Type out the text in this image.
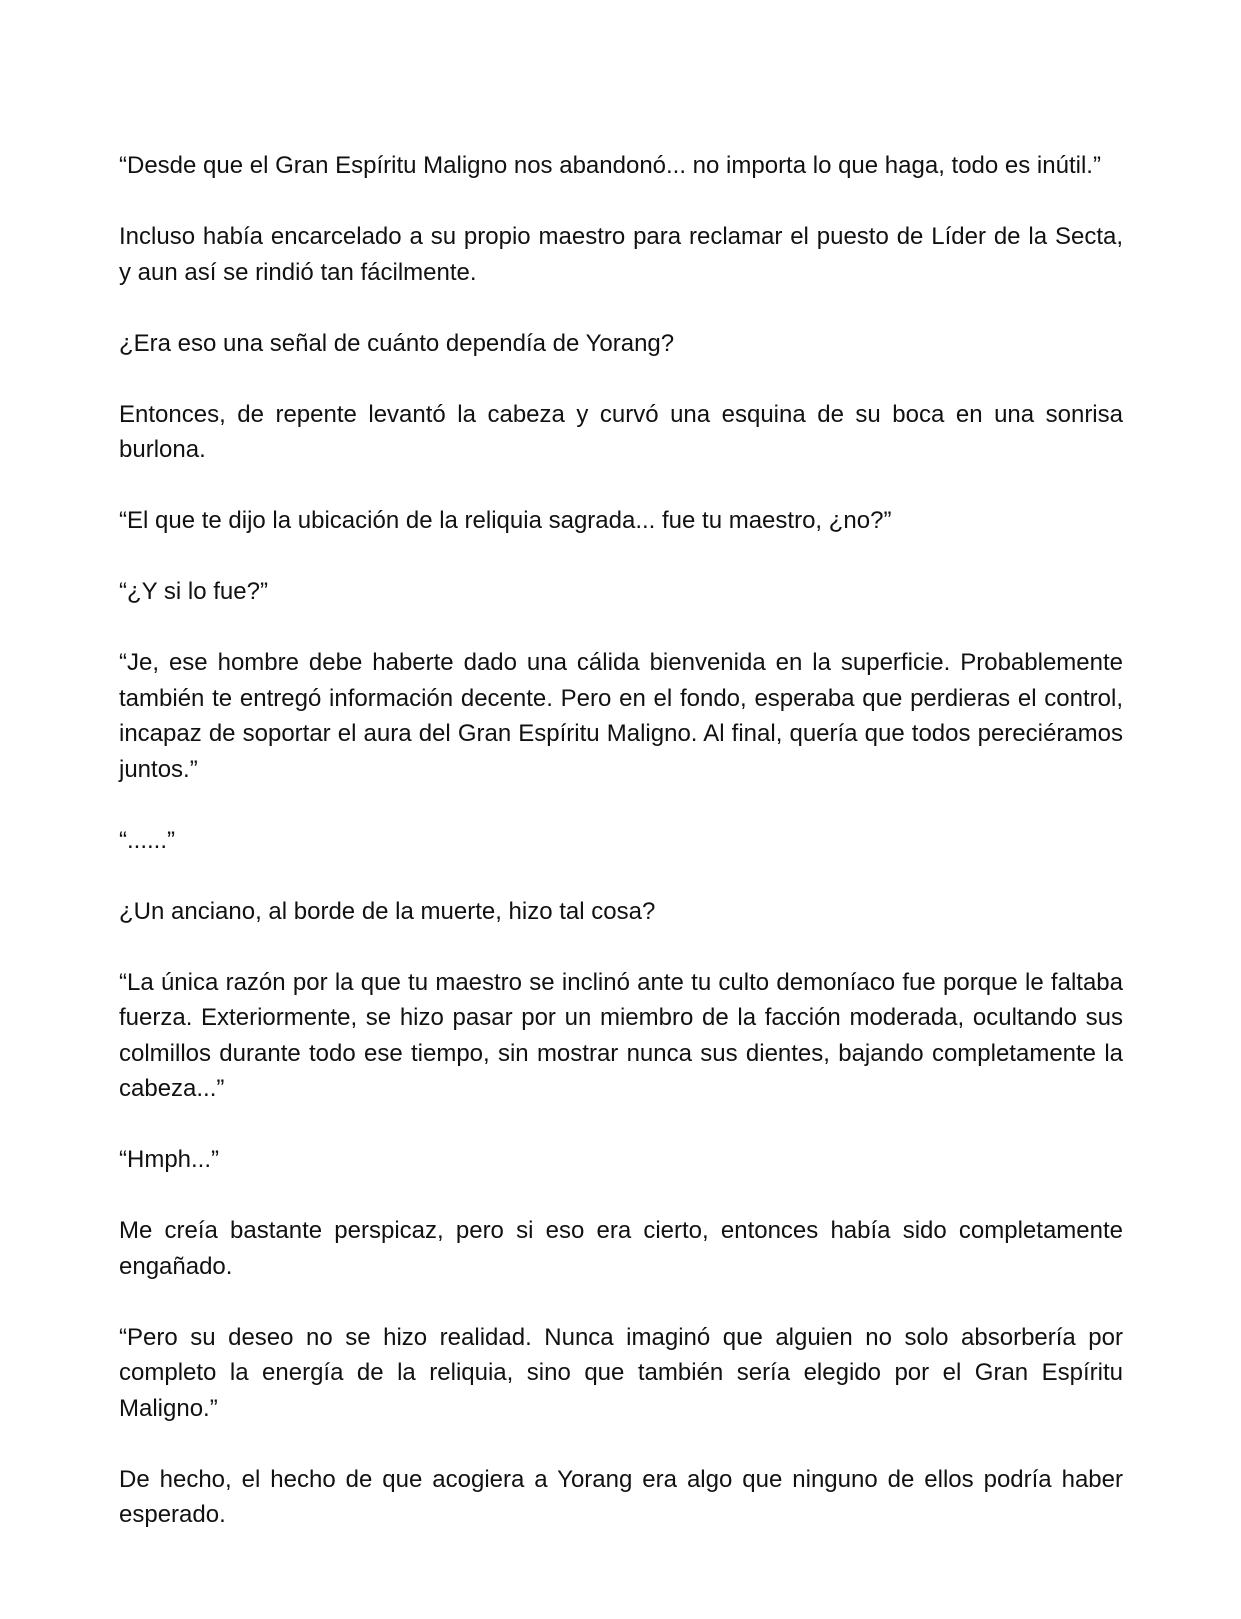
“Desde que el Gran Espíritu Maligno nos abandonó... no importa lo que haga, todo es inútil.”

Incluso había encarcelado a su propio maestro para reclamar el puesto de Líder de la Secta, y aun así se rindió tan fácilmente.

¿Era eso una señal de cuánto dependía de Yorang?

Entonces, de repente levantó la cabeza y curvó una esquina de su boca en una sonrisa burlona.

“El que te dijo la ubicación de la reliquia sagrada... fue tu maestro, ¿no?”

“¿Y si lo fue?”

“Je, ese hombre debe haberte dado una cálida bienvenida en la superficie. Probablemente también te entregó información decente. Pero en el fondo, esperaba que perdieras el control, incapaz de soportar el aura del Gran Espíritu Maligno. Al final, quería que todos pereciéramos juntos.”

“......”

¿Un anciano, al borde de la muerte, hizo tal cosa?

“La única razón por la que tu maestro se inclinó ante tu culto demoníaco fue porque le faltaba fuerza. Exteriormente, se hizo pasar por un miembro de la facción moderada, ocultando sus colmillos durante todo ese tiempo, sin mostrar nunca sus dientes, bajando completamente la cabeza...”

“Hmph...”

Me creía bastante perspicaz, pero si eso era cierto, entonces había sido completamente engañado.

“Pero su deseo no se hizo realidad. Nunca imaginó que alguien no solo absorbería por completo la energía de la reliquia, sino que también sería elegido por el Gran Espíritu Maligno.”

De hecho, el hecho de que acogiera a Yorang era algo que ninguno de ellos podría haber esperado.
